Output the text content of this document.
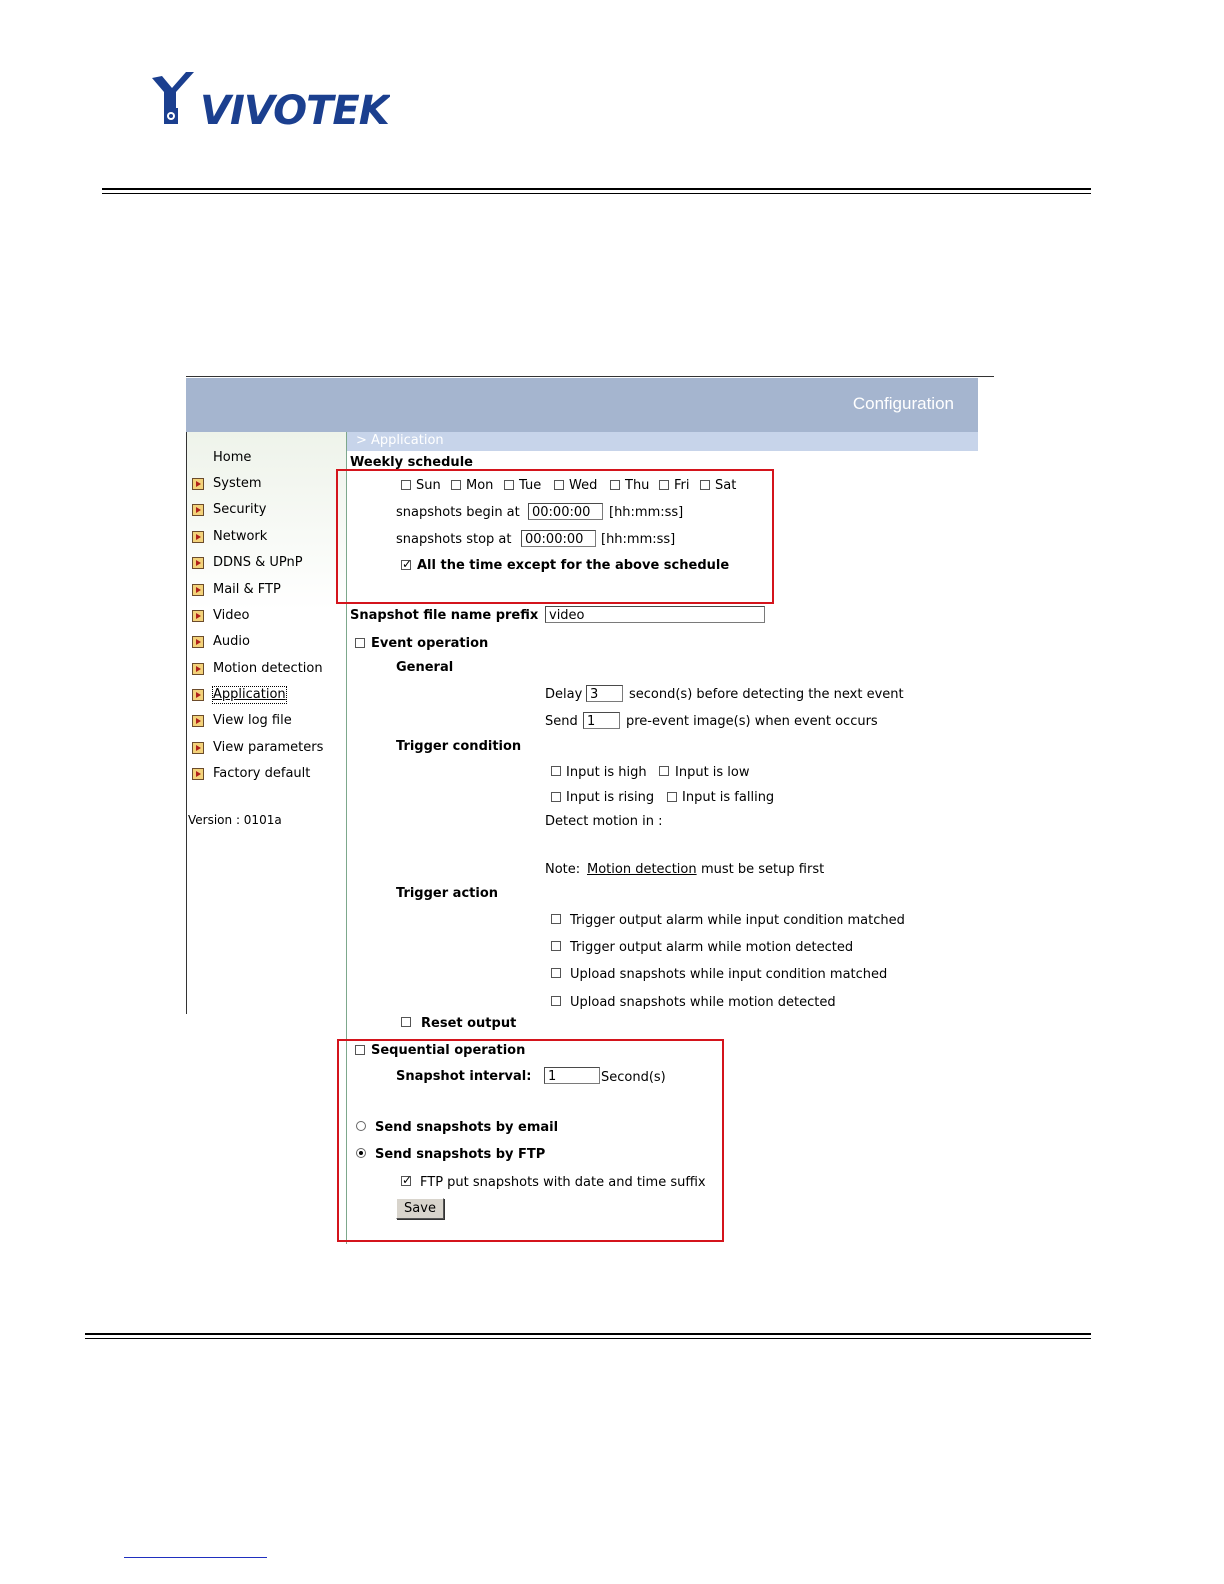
VIVOTEK
Configuration
> Application
Home
System
Security
Network
DDNS & UPnP
Mail & FTP
Video
Audio
Motion detection
Application
View log file
View parameters
Factory default
Version : 0101a
Weekly schedule
Sun Mon Tue Wed Thu Fri Sat
snapshots begin at 00:00:00	[hh:mm:ss]
snapshots stop at	00:00:00	[hh:mm:ss]
✓
All the time except for the above schedule
Snapshot file name prefix video
Event operation
General
Delay 3	second(s) before detecting the next event
Send 1	pre-event image(s) when event occurs
Trigger condition
Input is high Input is low
Input is rising Input is falling
Detect motion in :
Note: Motion detection must be setup first
Trigger action
Trigger output alarm while input condition matched
Trigger output alarm while motion detected
Upload snapshots while input condition matched
Upload snapshots while motion detected
Reset output
Sequential operation
Snapshot interval:	1	Second(s)
Send snapshots by email
Send snapshots by FTP
✓
FTP put snapshots with date and time suffix
Save
